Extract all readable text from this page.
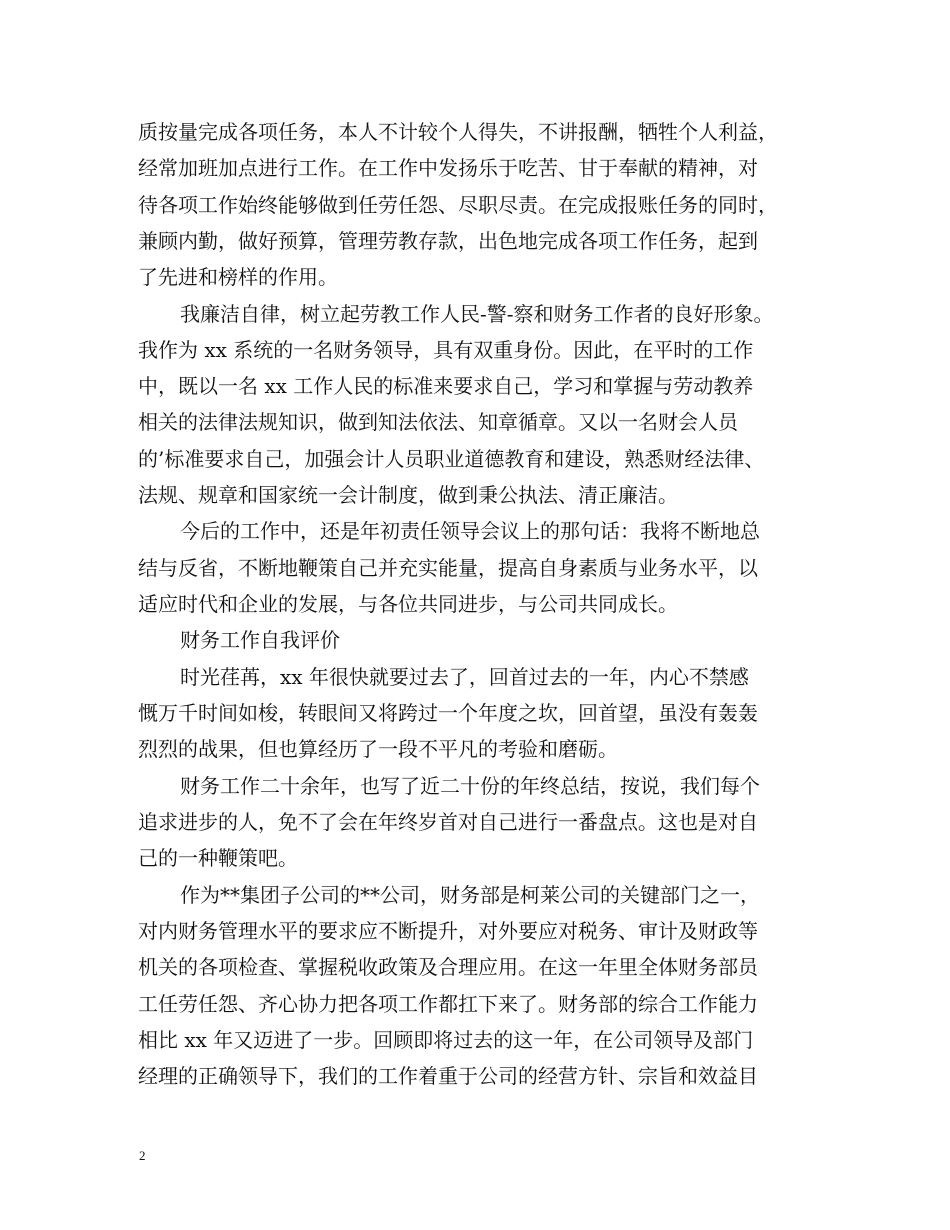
质按量完成各项任务，本人不计较个人得失，不讲报酬，牺牲个人利益，
经常加班加点进行工作。在工作中发扬乐于吃苦、甘于奉献的精神，对
待各项工作始终能够做到任劳任怨、尽职尽责。在完成报账任务的同时，
兼顾内勤，做好预算，管理劳教存款，出色地完成各项工作任务，起到
了先进和榜样的作用。
我廉洁自律，树立起劳教工作人民-警-察和财务工作者的良好形象。
我作为 xx 系统的一名财务领导，具有双重身份。因此，在平时的工作
中，既以一名 xx 工作人民的标准来要求自己，学习和掌握与劳动教养
相关的法律法规知识，做到知法依法、知章循章。又以一名财会人员
的’标准要求自己，加强会计人员职业道德教育和建设，熟悉财经法律、
法规、规章和国家统一会计制度，做到秉公执法、清正廉洁。
今后的工作中，还是年初责任领导会议上的那句话：我将不断地总
结与反省，不断地鞭策自己并充实能量，提高自身素质与业务水平，以
适应时代和企业的发展，与各位共同进步，与公司共同成长。
财务工作自我评价
时光荏苒，xx 年很快就要过去了，回首过去的一年，内心不禁感
慨万千时间如梭，转眼间又将跨过一个年度之坎，回首望，虽没有轰轰
烈烈的战果，但也算经历了一段不平凡的考验和磨砺。
财务工作二十余年，也写了近二十份的年终总结，按说，我们每个
追求进步的人，免不了会在年终岁首对自己进行一番盘点。这也是对自
己的一种鞭策吧。
作为**集团子公司的**公司，财务部是柯莱公司的关键部门之一，
对内财务管理水平的要求应不断提升，对外要应对税务、审计及财政等
机关的各项检查、掌握税收政策及合理应用。在这一年里全体财务部员
工任劳任怨、齐心协力把各项工作都扛下来了。财务部的综合工作能力
相比 xx 年又迈进了一步。回顾即将过去的这一年，在公司领导及部门
经理的正确领导下，我们的工作着重于公司的经营方针、宗旨和效益目
2
